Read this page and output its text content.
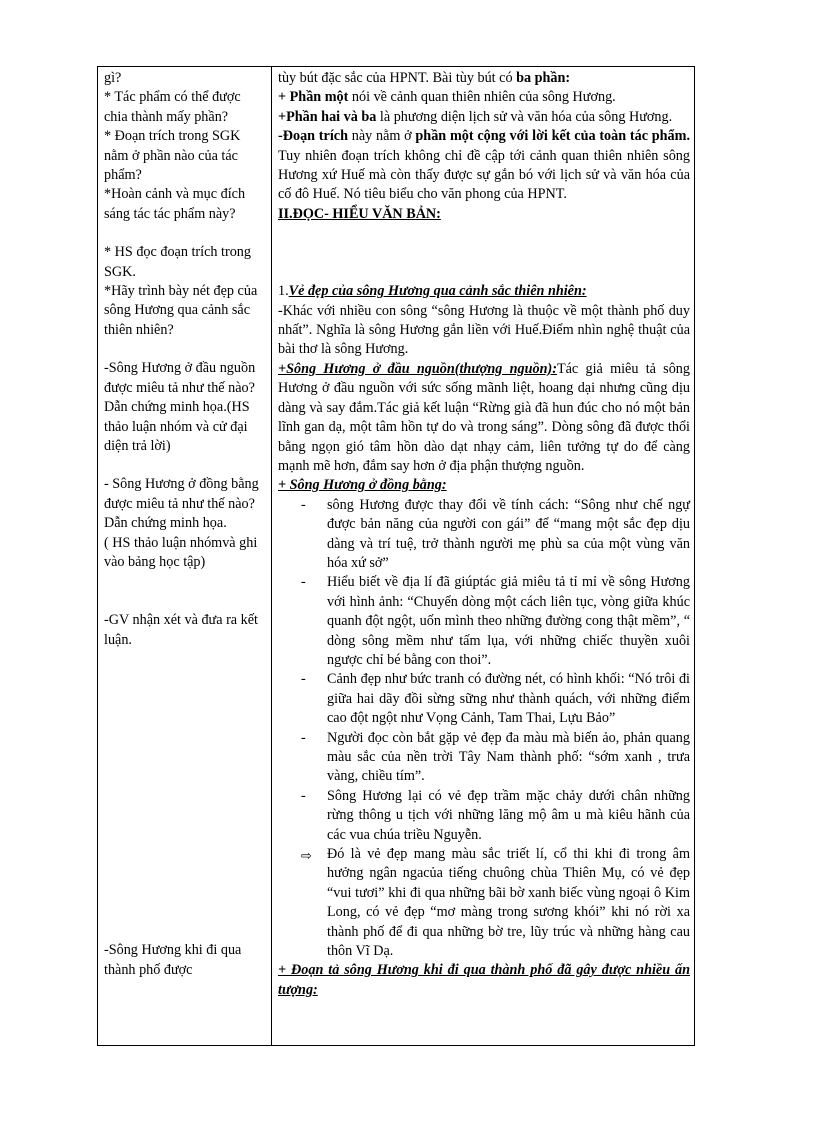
gì?
* Tác phẩm có thể được chia thành mấy phần?
* Đoạn trích trong SGK nằm ở phần nào của tác phẩm?
*Hoàn cảnh và mục đích sáng tác tác phẩm này?
* HS đọc đoạn trích trong SGK.
*Hãy trình bày nét đẹp của sông Hương qua cảnh sắc thiên nhiên?
-Sông Hương ở đầu nguồn được miêu tả như thế nào?Dẫn chứng minh họa.(HS thảo luận nhóm và cử đại diện trả lời)
- Sông Hương ở đồng bằng được miêu tả như thế nào?Dẫn chứng minh họa.
( HS thảo luận nhómvà ghi vào bảng học tập)
-GV nhận xét và đưa ra kết luận.
-Sông Hương khi đi qua thành phố được

tùy bút đặc sắc của HPNT. Bài tùy bút có ba phần:

+ Phần một nói về cảnh quan thiên nhiên của sông Hương.

+Phần hai và ba là phương diện lịch sử và văn hóa của sông Hương.

-Đoạn trích này nằm ở phần một cộng với lời kết của toàn tác phẩm. Tuy nhiên đoạn trích không chỉ đề cập tới cảnh quan thiên nhiên sông Hương xứ Huế mà còn thấy được sự gắn bó với lịch sử và văn hóa của cố đô Huế. Nó tiêu biểu cho văn phong của HPNT.

II.ĐỌC- HIỂU VĂN BẢN:

1.Vẻ đẹp của sông Hương qua cảnh sắc thiên nhiên:

-Khác với nhiều con sông “sông Hương là thuộc về một thành phố duy nhất”. Nghĩa là sông Hương gắn liền với Huế.Điểm nhìn nghệ thuật của bài thơ là sông Hương.

+Sông Hương ở đầu nguồn(thượng nguồn):Tác giả miêu tả sông Hương ở đầu nguồn với sức sống mãnh liệt, hoang dại nhưng cũng dịu dàng và say đắm.Tác giả kết luận “Rừng già đã hun đúc cho nó một bản lĩnh gan dạ, một tâm hồn tự do và trong sáng”. Dòng sông đã được thổi bằng ngọn gió tâm hồn dào dạt nhạy cảm, liên tưởng tự do để càng mạnh mẽ hơn, đắm say hơn ở địa phận thượng nguồn.

+ Sông Hương ở đồng bằng:

- sông Hương được thay đổi về tính cách: “Sông như chế ngự được bản năng của người con gái” để “mang một sắc đẹp dịu dàng và trí tuệ, trở thành người mẹ phù sa của một vùng văn hóa xứ sở”
- Hiểu biết về địa lí đã giúptác giả miêu tả tỉ mỉ về sông Hương với hình ảnh: “Chuyển dòng một cách liên tục, vòng giữa khúc quanh đột ngột, uốn mình theo những đường cong thật mềm”, “ dòng sông mềm như tấm lụa, với những chiếc thuyền xuôi ngược chỉ bé bằng con thoi”.
- Cảnh đẹp như bức tranh có đường nét, có hình khối: “Nó trôi đi giữa hai dãy đồi sừng sững như thành quách, với những điểm cao đột ngột như Vọng Cảnh, Tam Thai, Lựu Bảo”
- Người đọc còn bắt gặp vẻ đẹp đa màu mà biến ảo, phản quang màu sắc của nền trời Tây Nam thành phố: “sớm xanh , trưa vàng, chiều tím”.
- Sông Hương lại có vẻ đẹp trầm mặc chảy dưới chân những rừng thông u tịch với những lăng mộ âm u mà kiêu hãnh của các vua chúa triều Nguyễn.
⇨ Đó là vẻ đẹp mang màu sắc triết lí, cổ thi khi đi trong âm hưởng ngân ngacủa tiếng chuông chùa Thiên Mụ, có vẻ đẹp “vui tươi” khi đi qua những bãi bờ xanh biếc vùng ngoại ô Kim Long, có vẻ đẹp “mơ màng trong sương khói” khi nó rời xa thành phố để đi qua những bờ tre, lũy trúc và những hàng cau thôn Vĩ Dạ.

+ Đoạn tả sông Hương khi đi qua thành phố đã gây được nhiều ấn tượng:
